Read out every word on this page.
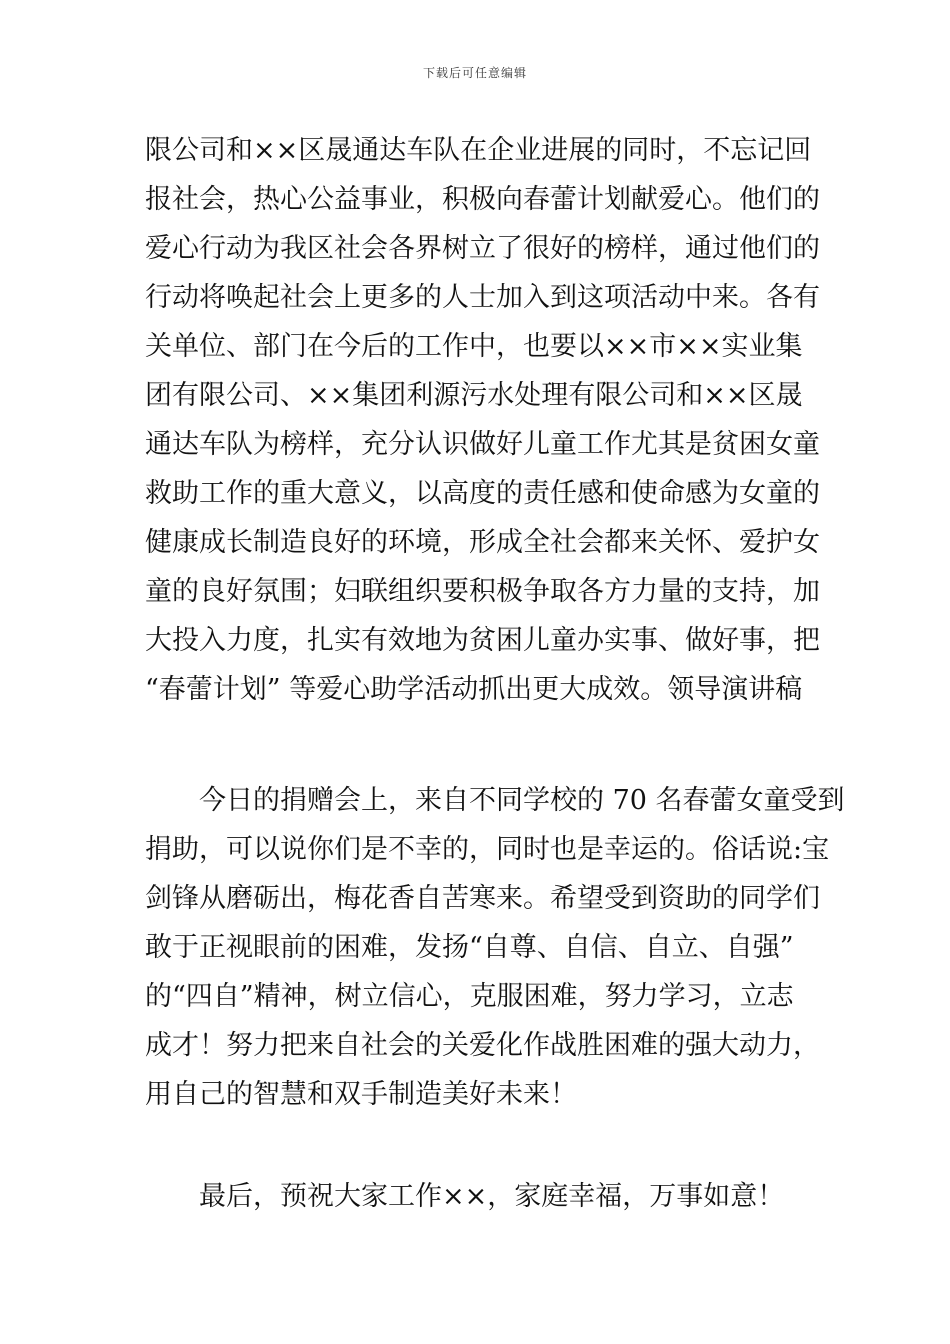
下载后可任意编辑
限公司和××区晟通达车队在企业进展的同时，不忘记回
报社会，热心公益事业，积极向春蕾计划献爱心。他们的
爱心行动为我区社会各界树立了很好的榜样，通过他们的
行动将唤起社会上更多的人士加入到这项活动中来。各有
关单位、部门在今后的工作中，也要以××市××实业集
团有限公司、××集团利源污水处理有限公司和××区晟
通达车队为榜样，充分认识做好儿童工作尤其是贫困女童
救助工作的重大意义，以高度的责任感和使命感为女童的
健康成长制造良好的环境，形成全社会都来关怀、爱护女
童的良好氛围；妇联组织要积极争取各方力量的支持，加
大投入力度，扎实有效地为贫困儿童办实事、做好事，把
“春蕾计划” 等爱心助学活动抓出更大成效。领导演讲稿
　　今日的捐赠会上，来自不同学校的 70 名春蕾女童受到
捐助，可以说你们是不幸的，同时也是幸运的。俗话说:宝
剑锋从磨砺出，梅花香自苦寒来。希望受到资助的同学们
敢于正视眼前的困难，发扬“自尊、自信、自立、自强”
的“四自”精神，树立信心，克服困难，努力学习，立志
成才！努力把来自社会的关爱化作战胜困难的强大动力，
用自己的智慧和双手制造美好未来！
　　最后，预祝大家工作××，家庭幸福，万事如意！
